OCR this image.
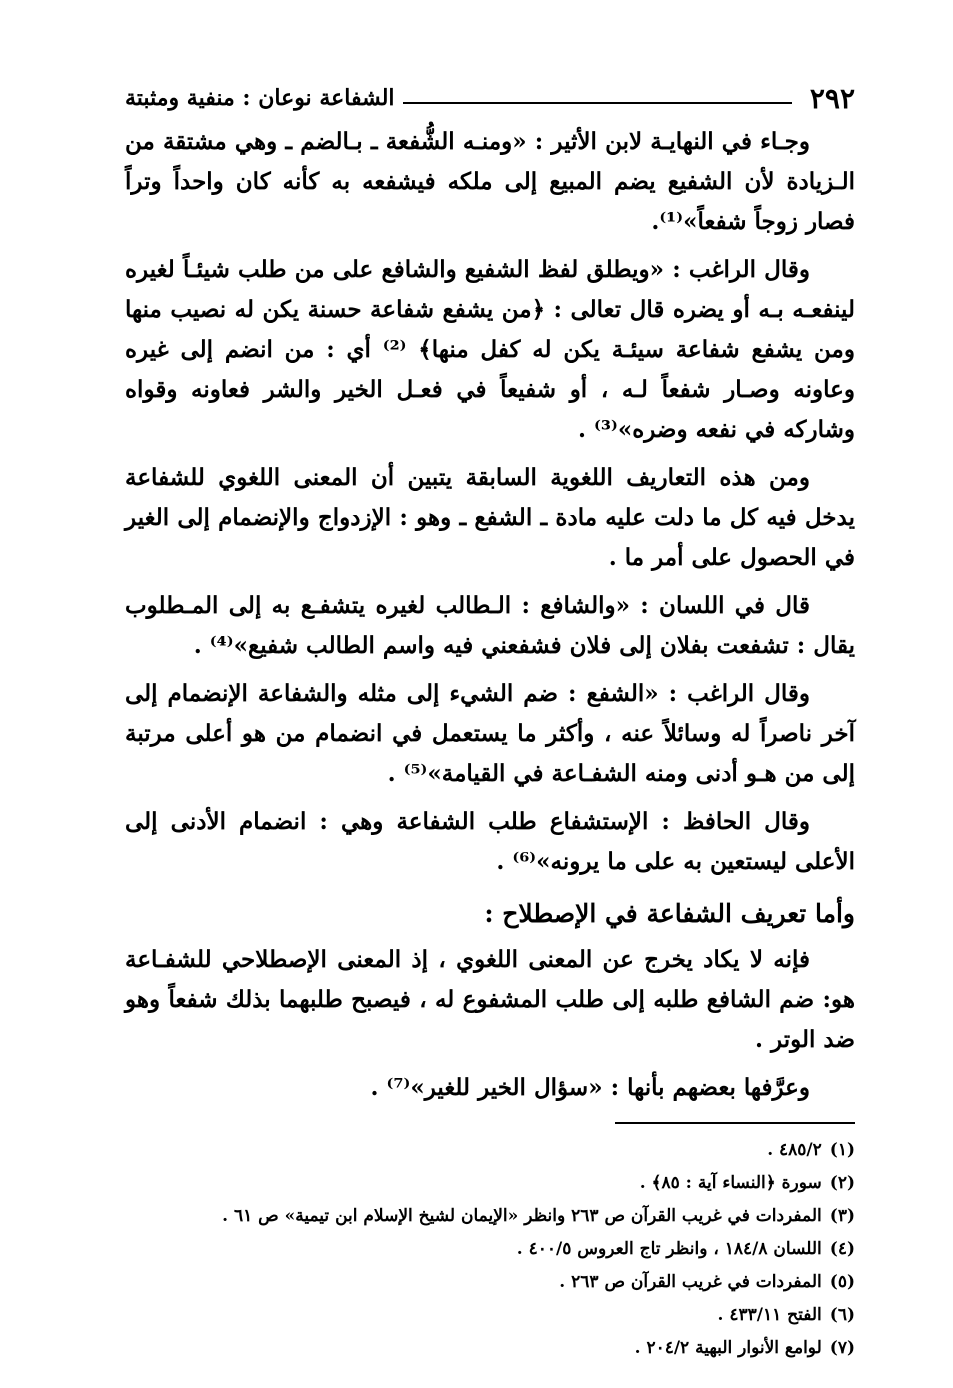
٢٩٢
الشفاعة نوعان : منفية ومثبتة

وجـاء في النهايـة لابن الأثير : «ومنـه الشُّفعة ـ بـالضم ـ وهي مشتقة من الـزيادة لأن الشفيع يضم المبيع إلى ملكه فيشفعه به كأنه كان واحداً وتراً فصار زوجاً شفعاً»⁽¹⁾.

وقال الراغب : «ويطلق لفظ الشفيع والشافع على من طلب شيئـاً لغيره لينفعـه بـه أو يضره قال تعالى : ﴿من يشفع شفاعة حسنة يكن له نصيب منها ومن يشفع شفاعة سيئـة يكن له كفل منها﴾ ⁽²⁾ أي : من انضم إلى غيره وعاونه وصـار شفعاً لـه ، أو شفيعاً في فعـل الخير والشر فعاونه وقواه وشاركه في نفعه وضره»⁽³⁾ .

ومن هذه التعاريف اللغوية السابقة يتبين أن المعنى اللغوي للشفاعة يدخل فيه كل ما دلت عليه مادة ـ الشفع ـ وهو : الإزدواج والإنضمام إلى الغير في الحصول على أمر ما .

قال في اللسان : «والشافع : الـطالب لغيره يتشفـع به إلى المـطلوب يقال : تشفعت بفلان إلى فلان فشفعني فيه واسم الطالب شفيع»⁽⁴⁾ .

وقال الراغب : «الشفع : ضم الشيء إلى مثله والشفاعة الإنضمام إلى آخر ناصراً له وسائلاً عنه ، وأكثر ما يستعمل في انضمام من هو أعلى مرتبة إلى من هـو أدنى ومنه الشفـاعة في القيامة»⁽⁵⁾ .

وقال الحافظ : الإستشفاع طلب الشفاعة وهي : انضمام الأدنى إلى الأعلى ليستعين به على ما يرونه»⁽⁶⁾ .

وأما تعريف الشفاعة في الإصطلاح :

فإنه لا يكاد يخرج عن المعنى اللغوي ، إذ المعنى الإصطلاحي للشفـاعة هو: ضم الشافع طلبه إلى طلب المشفوع له ، فيصبح طلبهما بذلك شفعاً وهو ضد الوتر .

وعرَّفها بعضهم بأنها : «سؤال الخير للغير»⁽⁷⁾ .

(١)٤٨٥/٢ .
(٢)سورة ﴿النساء آية : ٨٥﴾ .
(٣)المفردات في غريب القرآن ص ٢٦٣ وانظر «الإيمان لشيخ الإسلام ابن تيمية» ص ٦١ .
(٤)اللسان ١٨٤/٨ ، وانظر تاج العروس ٤٠٠/٥ .
(٥)المفردات في غريب القرآن ص ٢٦٣ .
(٦)الفتح ٤٣٣/١١ .
(٧)لوامع الأنوار البهية ٢٠٤/٢ .
